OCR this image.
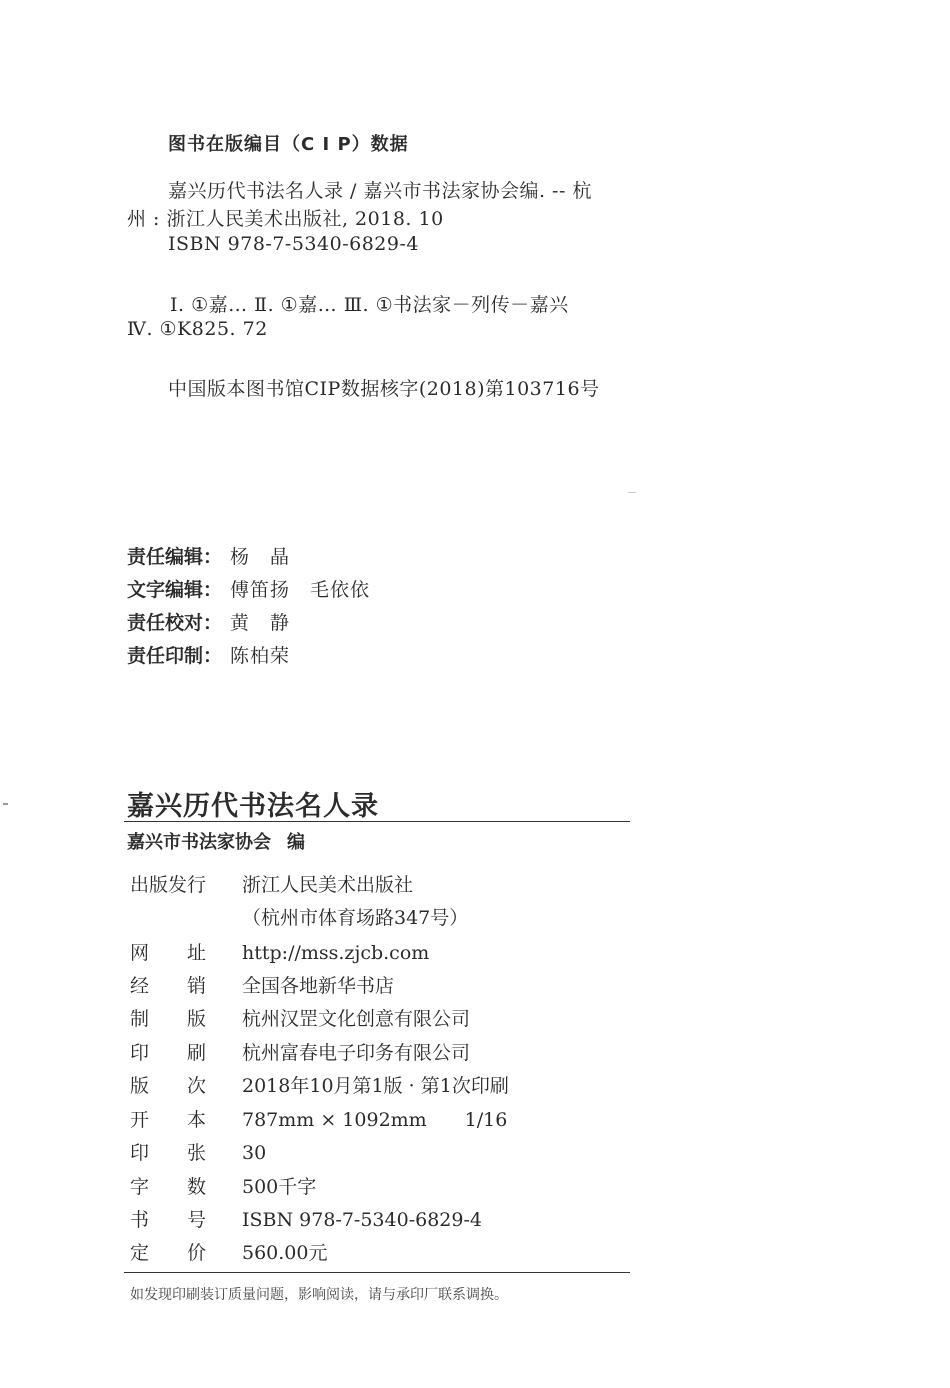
图书在版编目（C I P）数据
嘉兴历代书法名人录 / 嘉兴市书法家协会编. -- 杭
州 : 浙江人民美术出版社, 2018. 10
ISBN 978-7-5340-6829-4
Ⅰ. ①嘉… Ⅱ. ①嘉… Ⅲ. ①书法家－列传－嘉兴
Ⅳ. ①K825. 72
中国版本图书馆CIP数据核字(2018)第103716号
责任编辑： 杨　晶
文字编辑： 傅笛扬　毛依依
责任校对： 黄　静
责任印制： 陈柏荣
嘉兴历代书法名人录
嘉兴市书法家协会 编
出版发行 浙江人民美术出版社
（杭州市体育场路347号）
网　　址 http://mss.zjcb.com
经　　销 全国各地新华书店
制　　版 杭州汉罡文化创意有限公司
印　　刷 杭州富春电子印务有限公司
版　　次 2018年10月第1版 · 第1次印刷
开　　本 787mm × 1092mm　　1/16
印　　张 30
字　　数 500千字
书　　号 ISBN 978-7-5340-6829-4
定　　价 560.00元
如发现印刷装订质量问题，影响阅读，请与承印厂联系调换。
